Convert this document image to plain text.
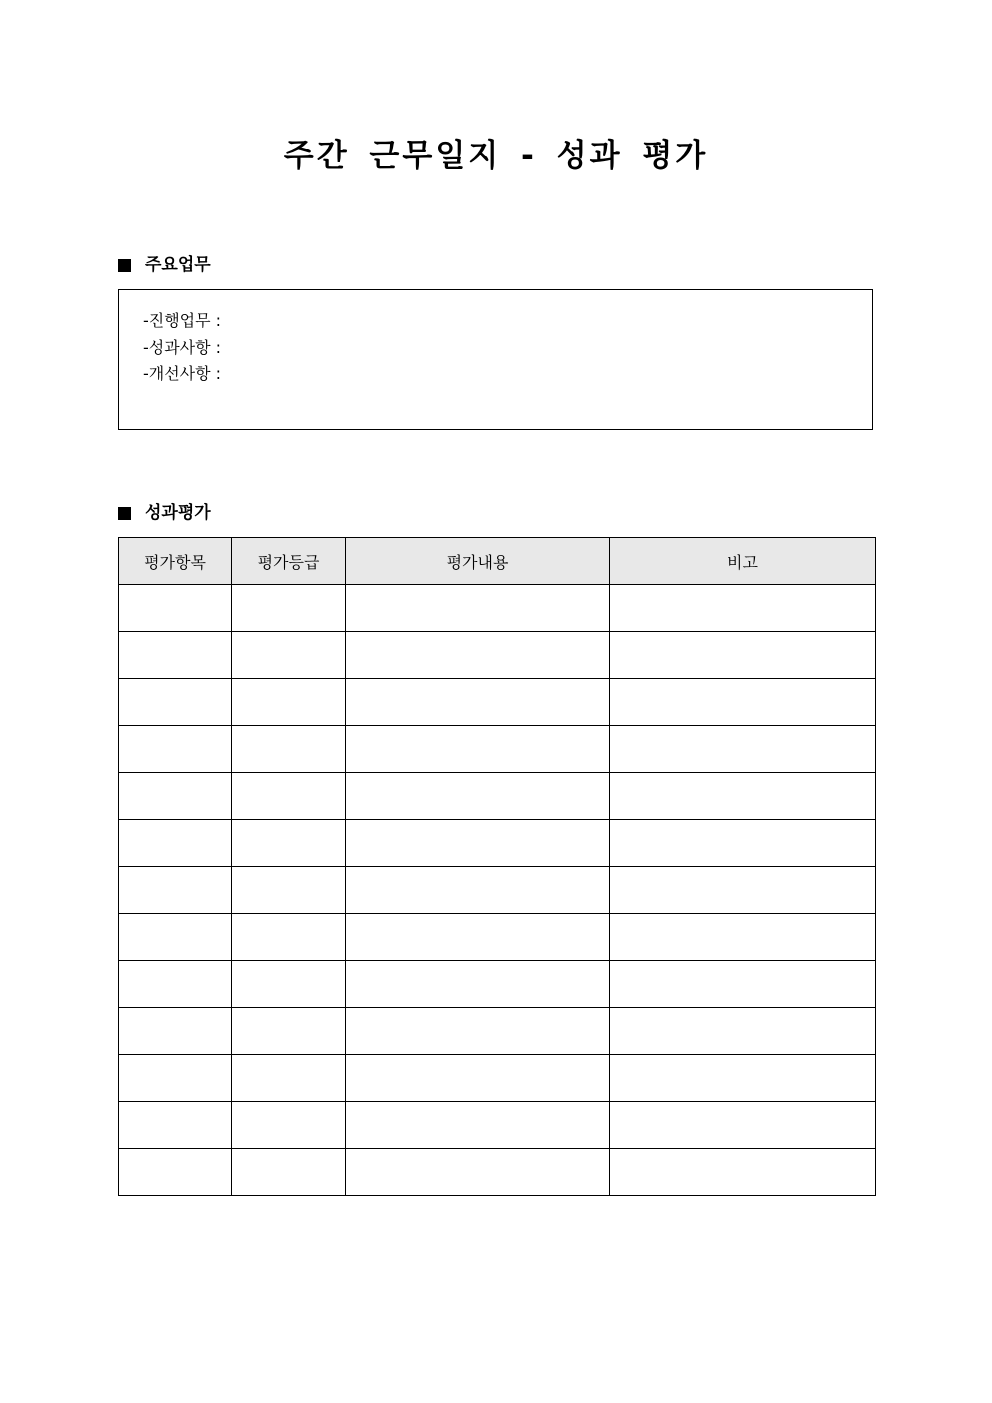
주간 근무일지 - 성과 평가
주요업무
-진행업무 :
-성과사항 :
-개선사항 :
성과평가
평가항목	평가등급	평가내용	비고
